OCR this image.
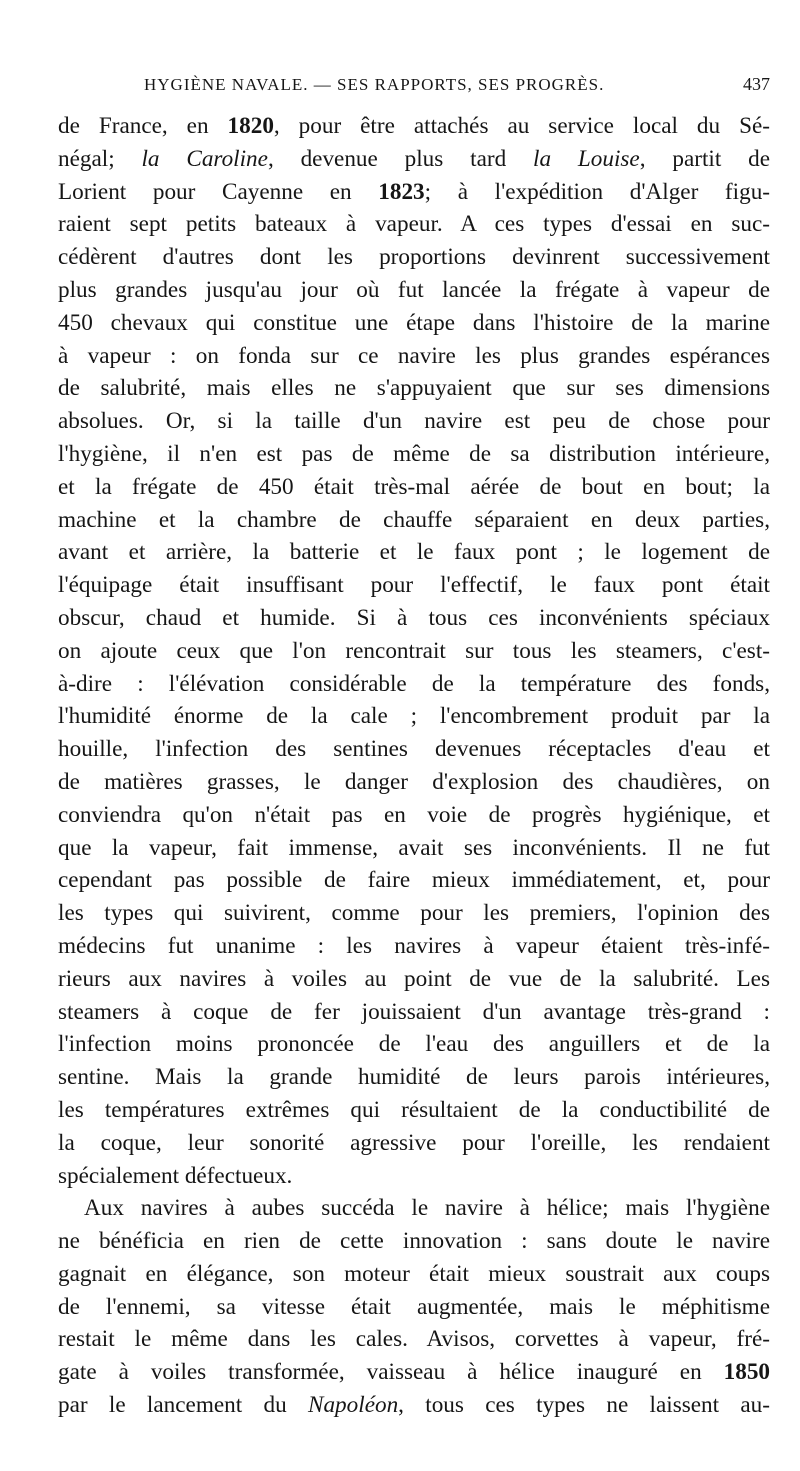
HYGIÈNE NAVALE. — SES RAPPORTS, SES PROGRÈS.	437
de France, en 1820, pour être attachés au service local du Sé-
négal; la Caroline, devenue plus tard la Louise, partit de
Lorient pour Cayenne en 1823; à l'expédition d'Alger figu-
raient sept petits bateaux à vapeur. A ces types d'essai en suc-
cédèrent d'autres dont les proportions devinrent successivement
plus grandes jusqu'au jour où fut lancée la frégate à vapeur de
450 chevaux qui constitue une étape dans l'histoire de la marine
à vapeur : on fonda sur ce navire les plus grandes espérances
de salubrité, mais elles ne s'appuyaient que sur ses dimensions
absolues. Or, si la taille d'un navire est peu de chose pour
l'hygiène, il n'en est pas de même de sa distribution intérieure,
et la frégate de 450 était très-mal aérée de bout en bout; la
machine et la chambre de chauffe séparaient en deux parties,
avant et arrière, la batterie et le faux pont ; le logement de
l'équipage était insuffisant pour l'effectif, le faux pont était
obscur, chaud et humide. Si à tous ces inconvénients spéciaux
on ajoute ceux que l'on rencontrait sur tous les steamers, c'est-
à-dire : l'élévation considérable de la température des fonds,
l'humidité énorme de la cale ; l'encombrement produit par la
houille, l'infection des sentines devenues réceptacles d'eau et
de matières grasses, le danger d'explosion des chaudières, on
conviendra qu'on n'était pas en voie de progrès hygiénique, et
que la vapeur, fait immense, avait ses inconvénients. Il ne fut
cependant pas possible de faire mieux immédiatement, et, pour
les types qui suivirent, comme pour les premiers, l'opinion des
médecins fut unanime : les navires à vapeur étaient très-infé-
rieurs aux navires à voiles au point de vue de la salubrité. Les
steamers à coque de fer jouissaient d'un avantage très-grand :
l'infection moins prononcée de l'eau des anguillers et de la
sentine. Mais la grande humidité de leurs parois intérieures,
les températures extrêmes qui résultaient de la conductibilité de
la coque, leur sonorité agressive pour l'oreille, les rendaient
spécialement défectueux.
Aux navires à aubes succéda le navire à hélice; mais l'hygiène
ne bénéficia en rien de cette innovation : sans doute le navire
gagnait en élégance, son moteur était mieux soustrait aux coups
de l'ennemi, sa vitesse était augmentée, mais le méphitisme
restait le même dans les cales. Avisos, corvettes à vapeur, fré-
gate à voiles transformée, vaisseau à hélice inauguré en 1850
par le lancement du Napoléon, tous ces types ne laissent au-
